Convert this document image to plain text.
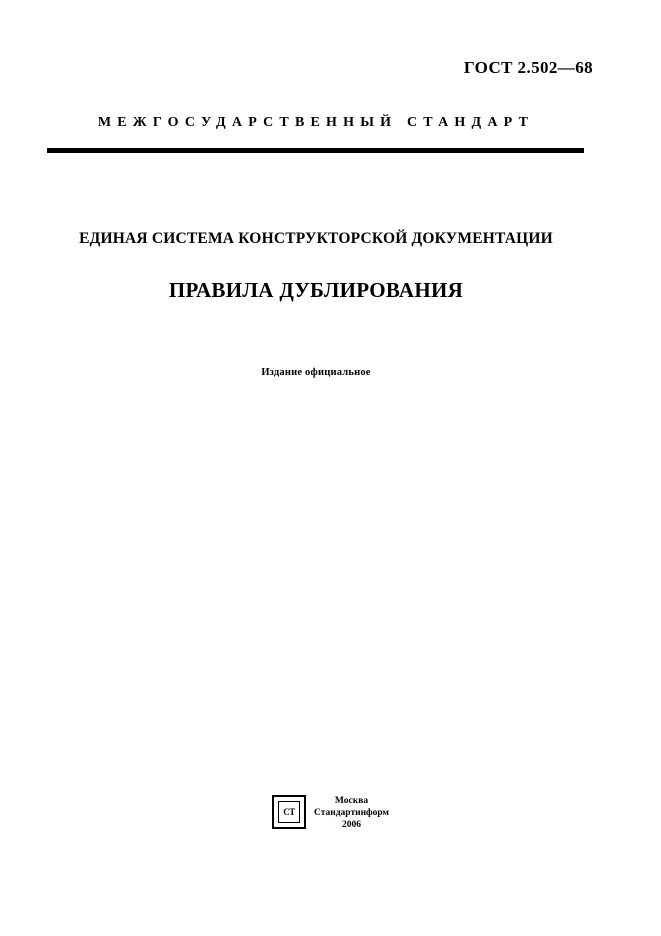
ГОСТ 2.502—68
МЕЖГОСУДАРСТВЕННЫЙ СТАНДАРТ
ЕДИНАЯ СИСТЕМА КОНСТРУКТОРСКОЙ ДОКУМЕНТАЦИИ
ПРАВИЛА ДУБЛИРОВАНИЯ
Издание официальное
СТ
Москва
Стандартинформ
2006
